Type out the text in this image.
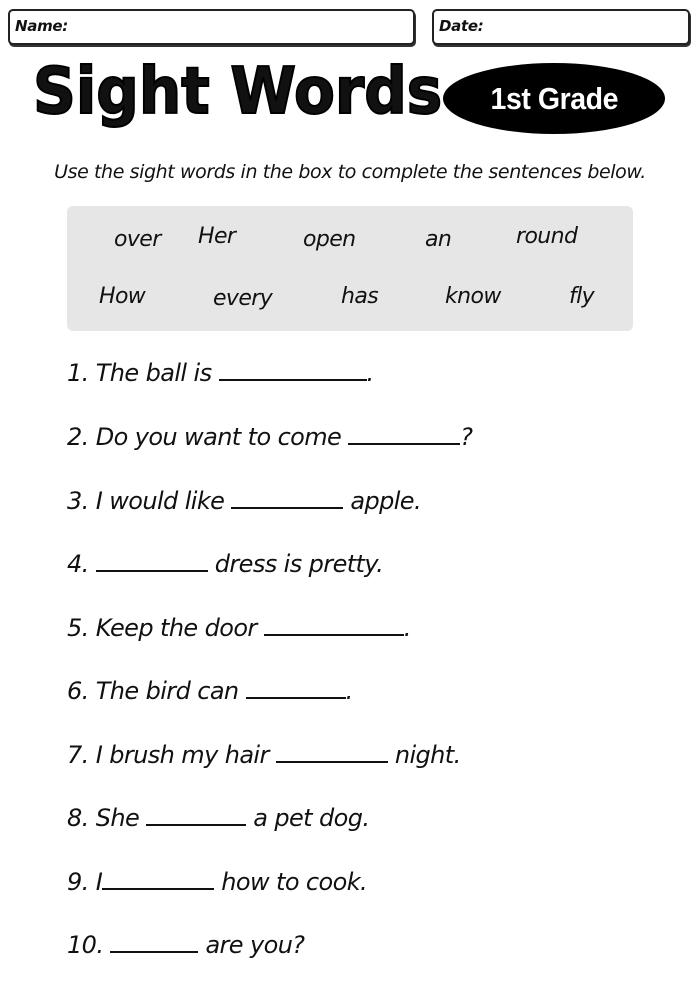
Name:	Date:
Sight Words 1st Grade
Use the sight words in the box to complete the sentences below.
over Her	open	an	round
How	every	has	know	fly
1. The ball is	.
2. Do you want to come	?
3. I would like	apple.
4.	dress is pretty.
5. Keep the door	.
6. The bird can	.
7. I brush my hair	night.
8. She	a pet dog.
9. I	how to cook.
10.	are you?
